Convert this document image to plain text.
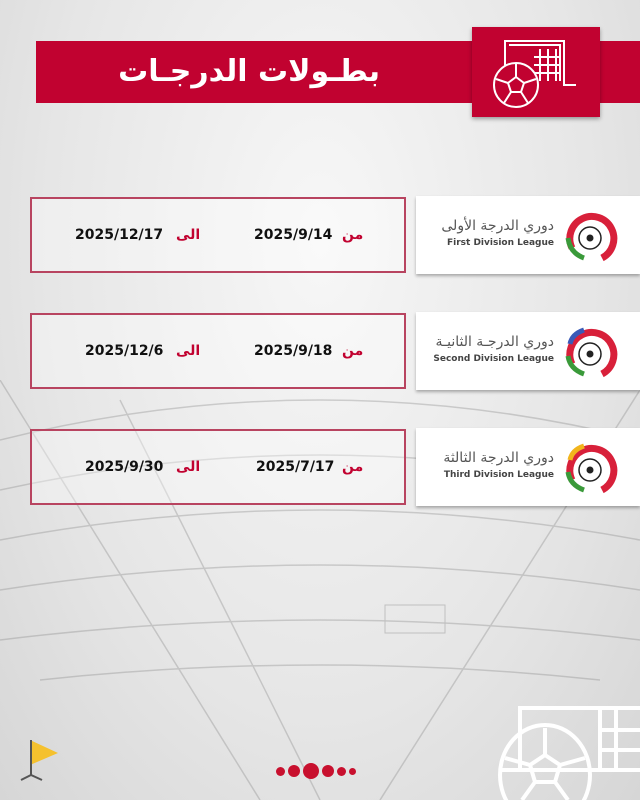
بطـولات الدرجـات
من
2025/9/14
الى
2025/12/17
دوري الدرجة الأولى
First Division League
من
2025/9/18
الى
2025/12/6
دوري الدرجـة الثانيـة
Second Division League
من
2025/7/17
الى
2025/9/30
دوري الدرجة الثالثة
Third Division League
